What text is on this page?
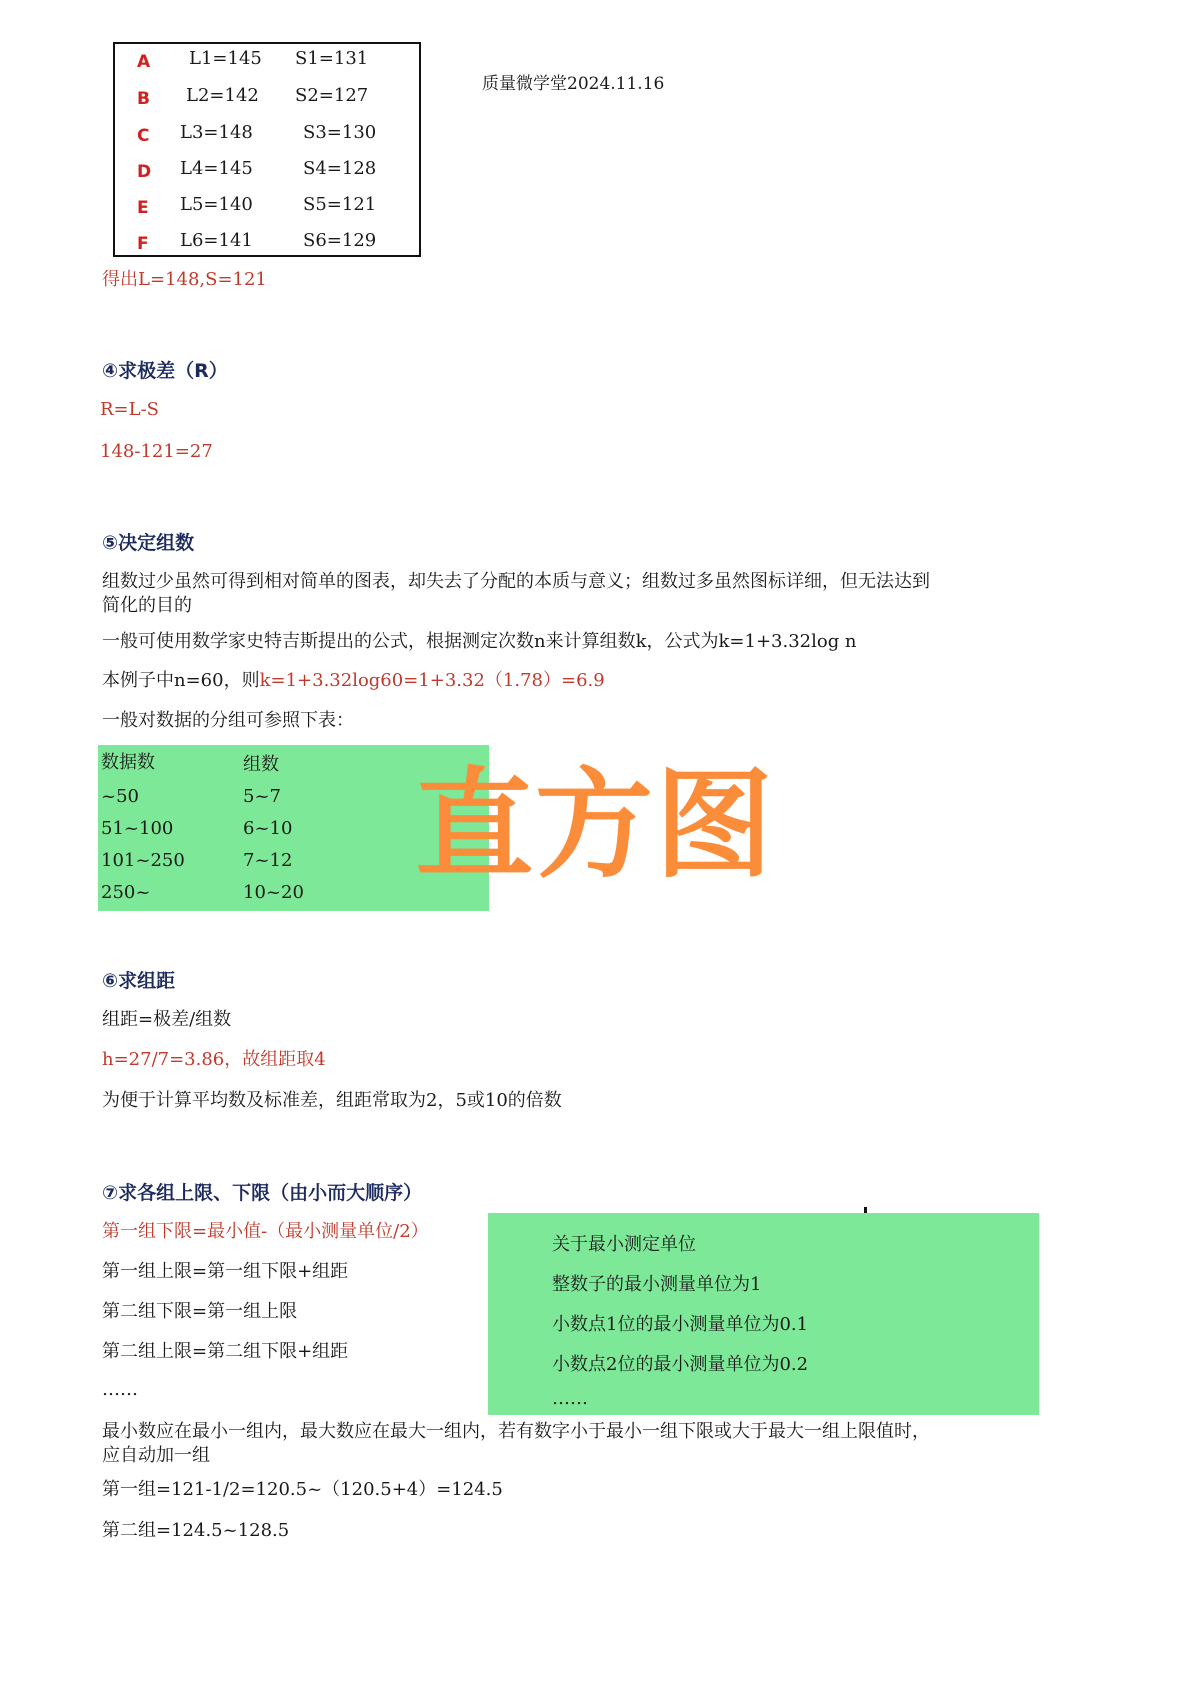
A L1=145 S1=131
B L2=142 S2=127
C L3=148	S3=130
D L4=145	S4=128
E L5=140	S5=121
F L6=141	S6=129
质量微学堂2024.11.16
得出L=148,S=121
④求极差（R）
R=L-S
148-121=27
⑤决定组数
组数过少虽然可得到相对简单的图表，却失去了分配的本质与意义；组数过多虽然图标详细，但无法达到
简化的目的
一般可使用数学家史特吉斯提出的公式，根据测定次数n来计算组数k，公式为k=1+3.32log n
本例子中n=60，则k=1+3.32log60=1+3.32（1.78）=6.9
一般对数据的分组可参照下表：
数据数	组数
~50	5~7
51~100	6~10
101~250	7~12
250~	10~20 直方图
⑥求组距
组距=极差/组数
h=27/7=3.86，故组距取4
为便于计算平均数及标准差，组距常取为2，5或10的倍数
⑦求各组上限、下限（由小而大顺序）
关于最小测定单位
整数子的最小测量单位为1
小数点1位的最小测量单位为0.1
小数点2位的最小测量单位为0.2
……
第一组下限=最小值-（最小测量单位/2）
第一组上限=第一组下限+组距
第二组下限=第一组上限
第二组上限=第二组下限+组距
……
最小数应在最小一组内，最大数应在最大一组内，若有数字小于最小一组下限或大于最大一组上限值时，
应自动加一组
第一组=121-1/2=120.5~（120.5+4）=124.5
第二组=124.5~128.5
